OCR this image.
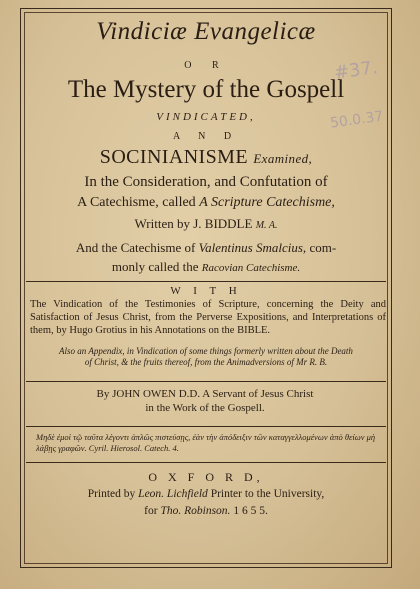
Vindiciæ Evangelicæ
O R
The Mystery of the Gospell
VINDICATED,
A N D
SOCINIANISME Examined,
In the Consideration, and Confutation of
A Catechisme, called A Scripture Catechisme,
Written by J. BIDDLE M. A.
And the Catechisme of Valentinus Smalcius, com-
monly called the Racovian Catechisme.
W I T H
The Vindication of the Testimonies of Scripture, concerning the Deity and Satisfaction of Jesus Christ, from the Perverse Expositions, and Interpretations of them, by Hugo Grotius in his Annotations on the BIBLE.
Also an Appendix, in Vindication of some things formerly written about the Death of Christ, & the fruits thereof, from the Animadversions of Mr R. B.
By JOHN OWEN D.D. A Servant of Jesus Christ
in the Work of the Gospell.
Μηδὲ ἐμοὶ τῷ ταῦτα λέγοντι ἁπλῶς πιστεύσῃς, ἐὰν τὴν ἀπόδειξιν τῶν καταγγελλομένων ἀπὸ θείων μὴ λάβῃς γραφῶν. Cyril. Hierosol. Catech. 4.
O X F O R D,
Printed by Leon. Lichfield Printer to the University,
for Tho. Robinson. 1 6 5 5.
#37.
50.0.37
